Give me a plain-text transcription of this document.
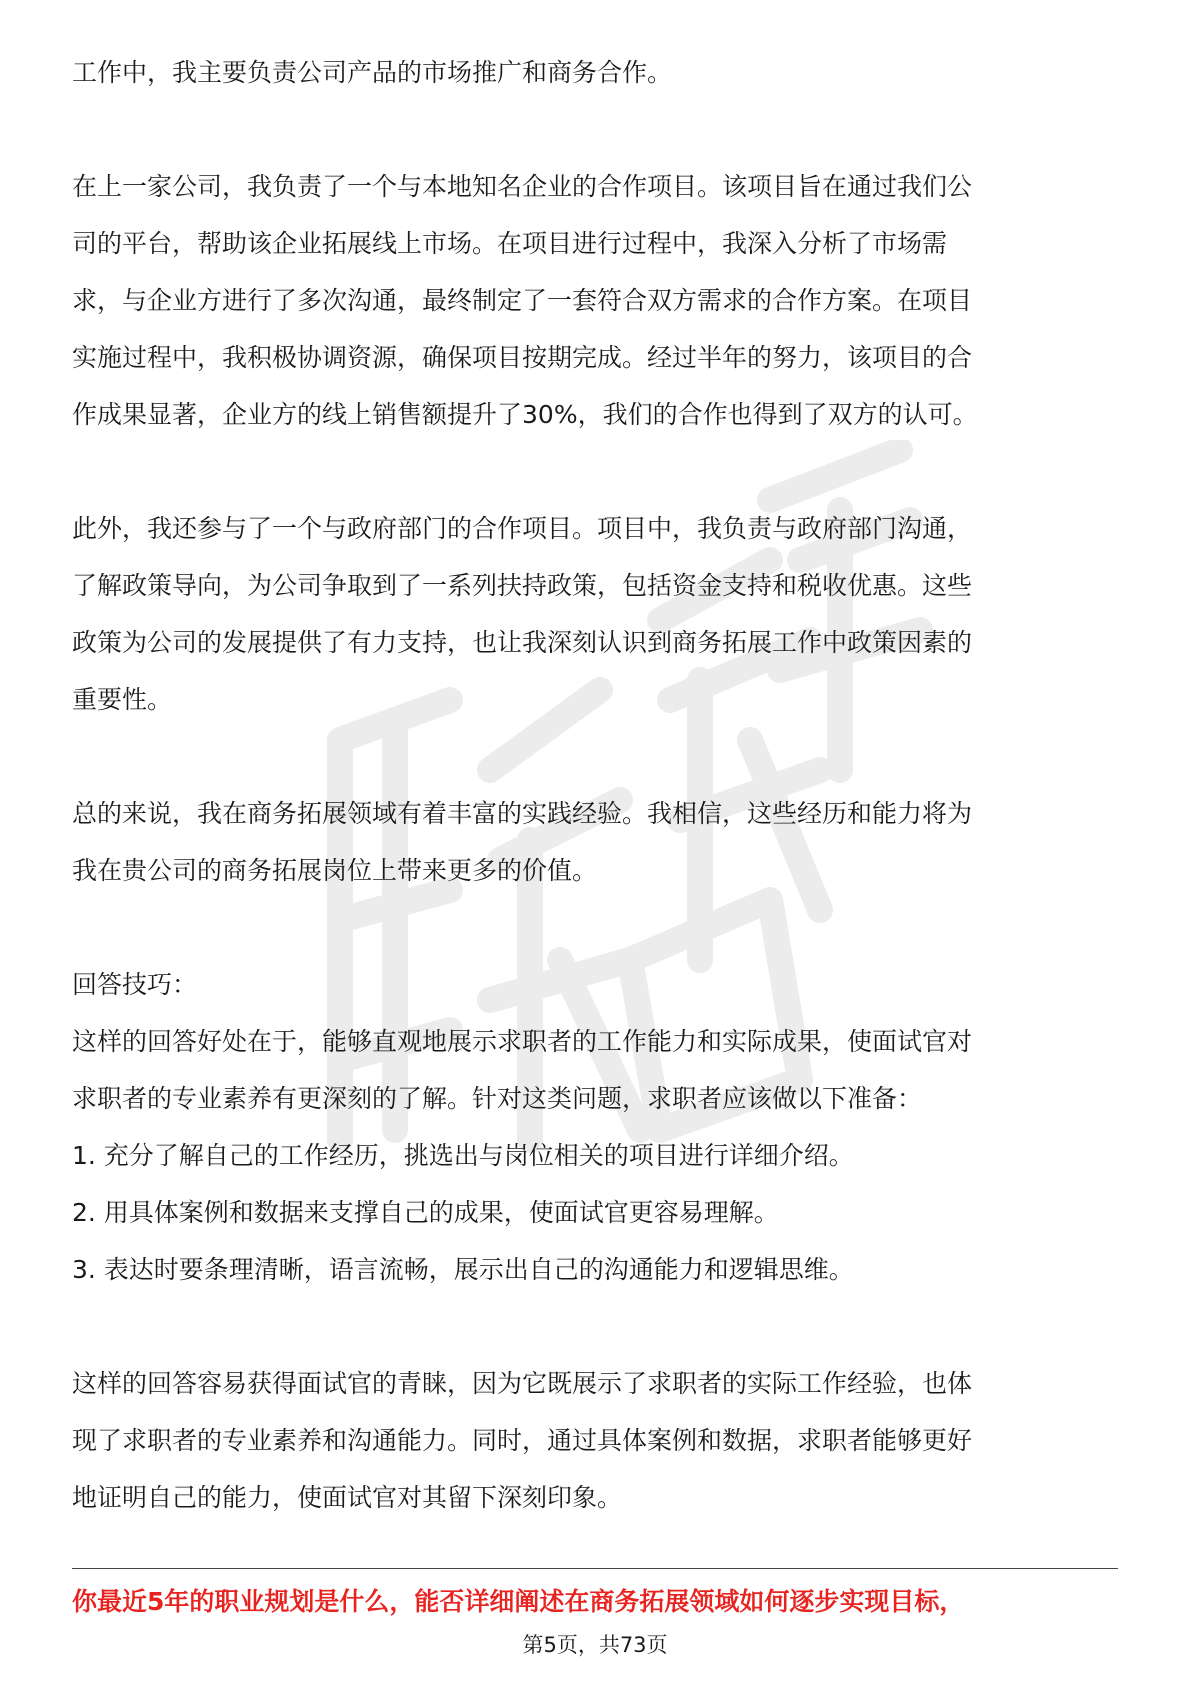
工作中，我主要负责公司产品的市场推广和商务合作。

在上一家公司，我负责了一个与本地知名企业的合作项目。该项目旨在通过我们公

司的平台，帮助该企业拓展线上市场。在项目进行过程中，我深入分析了市场需

求，与企业方进行了多次沟通，最终制定了一套符合双方需求的合作方案。在项目

实施过程中，我积极协调资源，确保项目按期完成。经过半年的努力，该项目的合

作成果显著，企业方的线上销售额提升了30%，我们的合作也得到了双方的认可。

此外，我还参与了一个与政府部门的合作项目。项目中，我负责与政府部门沟通，

了解政策导向，为公司争取到了一系列扶持政策，包括资金支持和税收优惠。这些

政策为公司的发展提供了有力支持，也让我深刻认识到商务拓展工作中政策因素的

重要性。

总的来说，我在商务拓展领域有着丰富的实践经验。我相信，这些经历和能力将为

我在贵公司的商务拓展岗位上带来更多的价值。

回答技巧：

这样的回答好处在于，能够直观地展示求职者的工作能力和实际成果，使面试官对

求职者的专业素养有更深刻的了解。针对这类问题，求职者应该做以下准备：

1. 充分了解自己的工作经历，挑选出与岗位相关的项目进行详细介绍。

2. 用具体案例和数据来支撑自己的成果，使面试官更容易理解。

3. 表达时要条理清晰，语言流畅，展示出自己的沟通能力和逻辑思维。

这样的回答容易获得面试官的青睐，因为它既展示了求职者的实际工作经验，也体

现了求职者的专业素养和沟通能力。同时，通过具体案例和数据，求职者能够更好

地证明自己的能力，使面试官对其留下深刻印象。

你最近5年的职业规划是什么，能否详细阐述在商务拓展领域如何逐步实现目标，
第5页，共73页
